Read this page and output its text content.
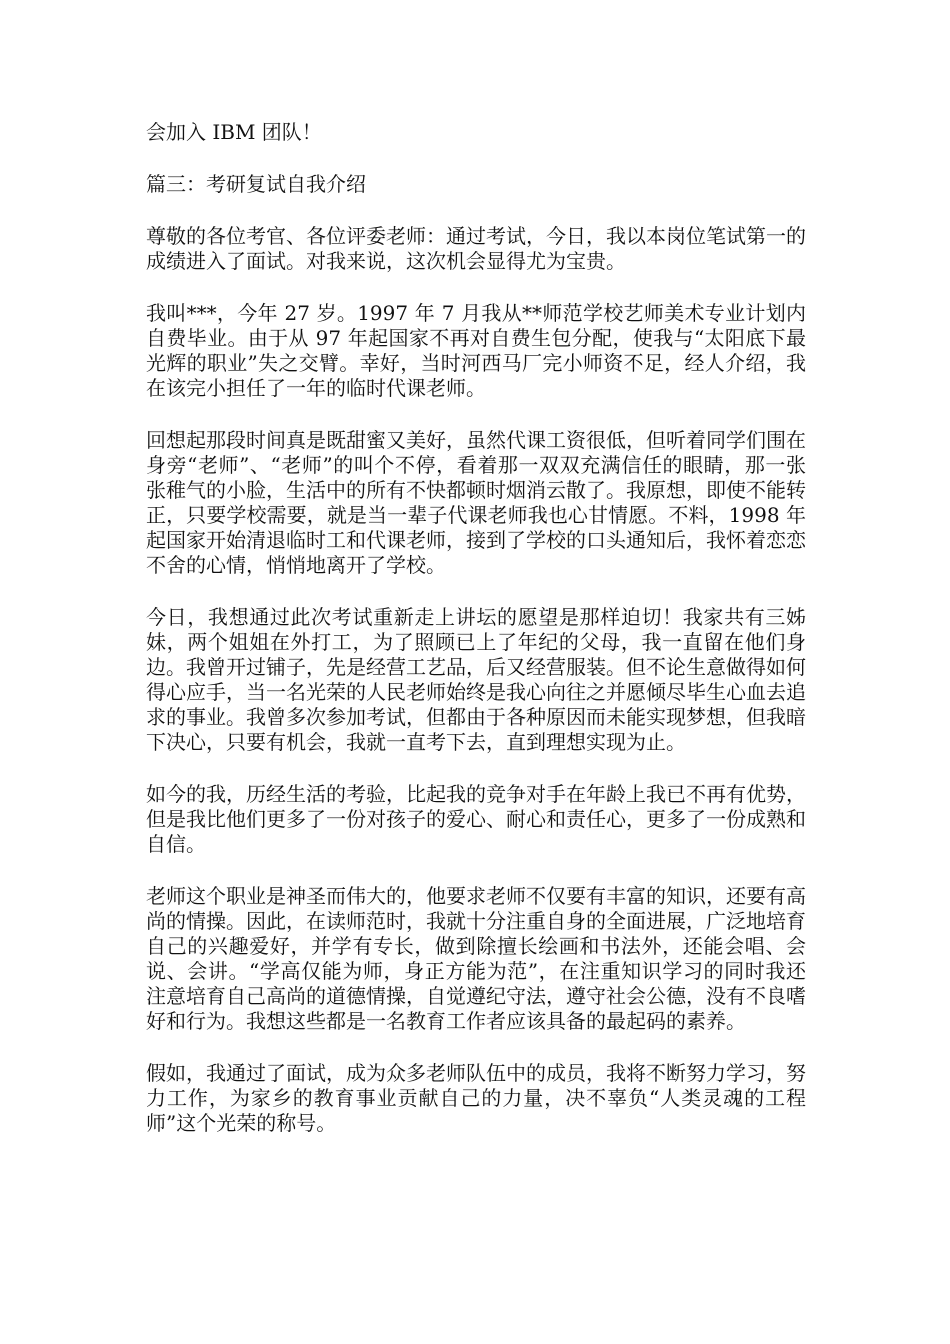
会加入 IBM 团队！

篇三：考研复试自我介绍

尊敬的各位考官、各位评委老师：通过考试，今日，我以本岗位笔试第一的成绩进入了面试。对我来说，这次机会显得尤为宝贵。

我叫***，今年 27 岁。1997 年 7 月我从**师范学校艺师美术专业计划内自费毕业。由于从 97 年起国家不再对自费生包分配，使我与“太阳底下最光辉的职业”失之交臂。幸好，当时河西马厂完小师资不足，经人介绍，我在该完小担任了一年的临时代课老师。

回想起那段时间真是既甜蜜又美好，虽然代课工资很低，但听着同学们围在身旁“老师”、“老师”的叫个不停，看着那一双双充满信任的眼睛，那一张张稚气的小脸，生活中的所有不快都顿时烟消云散了。我原想，即使不能转正，只要学校需要，就是当一辈子代课老师我也心甘情愿。不料，1998 年起国家开始清退临时工和代课老师，接到了学校的口头通知后，我怀着恋恋不舍的心情，悄悄地离开了学校。

今日，我想通过此次考试重新走上讲坛的愿望是那样迫切！我家共有三姊妹，两个姐姐在外打工，为了照顾已上了年纪的父母，我一直留在他们身边。我曾开过铺子，先是经营工艺品，后又经营服装。但不论生意做得如何得心应手，当一名光荣的人民老师始终是我心向往之并愿倾尽毕生心血去追求的事业。我曾多次参加考试，但都由于各种原因而未能实现梦想，但我暗下决心，只要有机会，我就一直考下去，直到理想实现为止。

如今的我，历经生活的考验，比起我的竞争对手在年龄上我已不再有优势，但是我比他们更多了一份对孩子的爱心、耐心和责任心，更多了一份成熟和自信。

老师这个职业是神圣而伟大的，他要求老师不仅要有丰富的知识，还要有高尚的情操。因此，在读师范时，我就十分注重自身的全面进展，广泛地培育自己的兴趣爱好，并学有专长，做到除擅长绘画和书法外，还能会唱、会说、会讲。“学高仅能为师，身正方能为范”，在注重知识学习的同时我还注意培育自己高尚的道德情操，自觉遵纪守法，遵守社会公德，没有不良嗜好和行为。我想这些都是一名教育工作者应该具备的最起码的素养。

假如，我通过了面试，成为众多老师队伍中的成员，我将不断努力学习，努力工作，为家乡的教育事业贡献自己的力量，决不辜负“人类灵魂的工程师”这个光荣的称号。
